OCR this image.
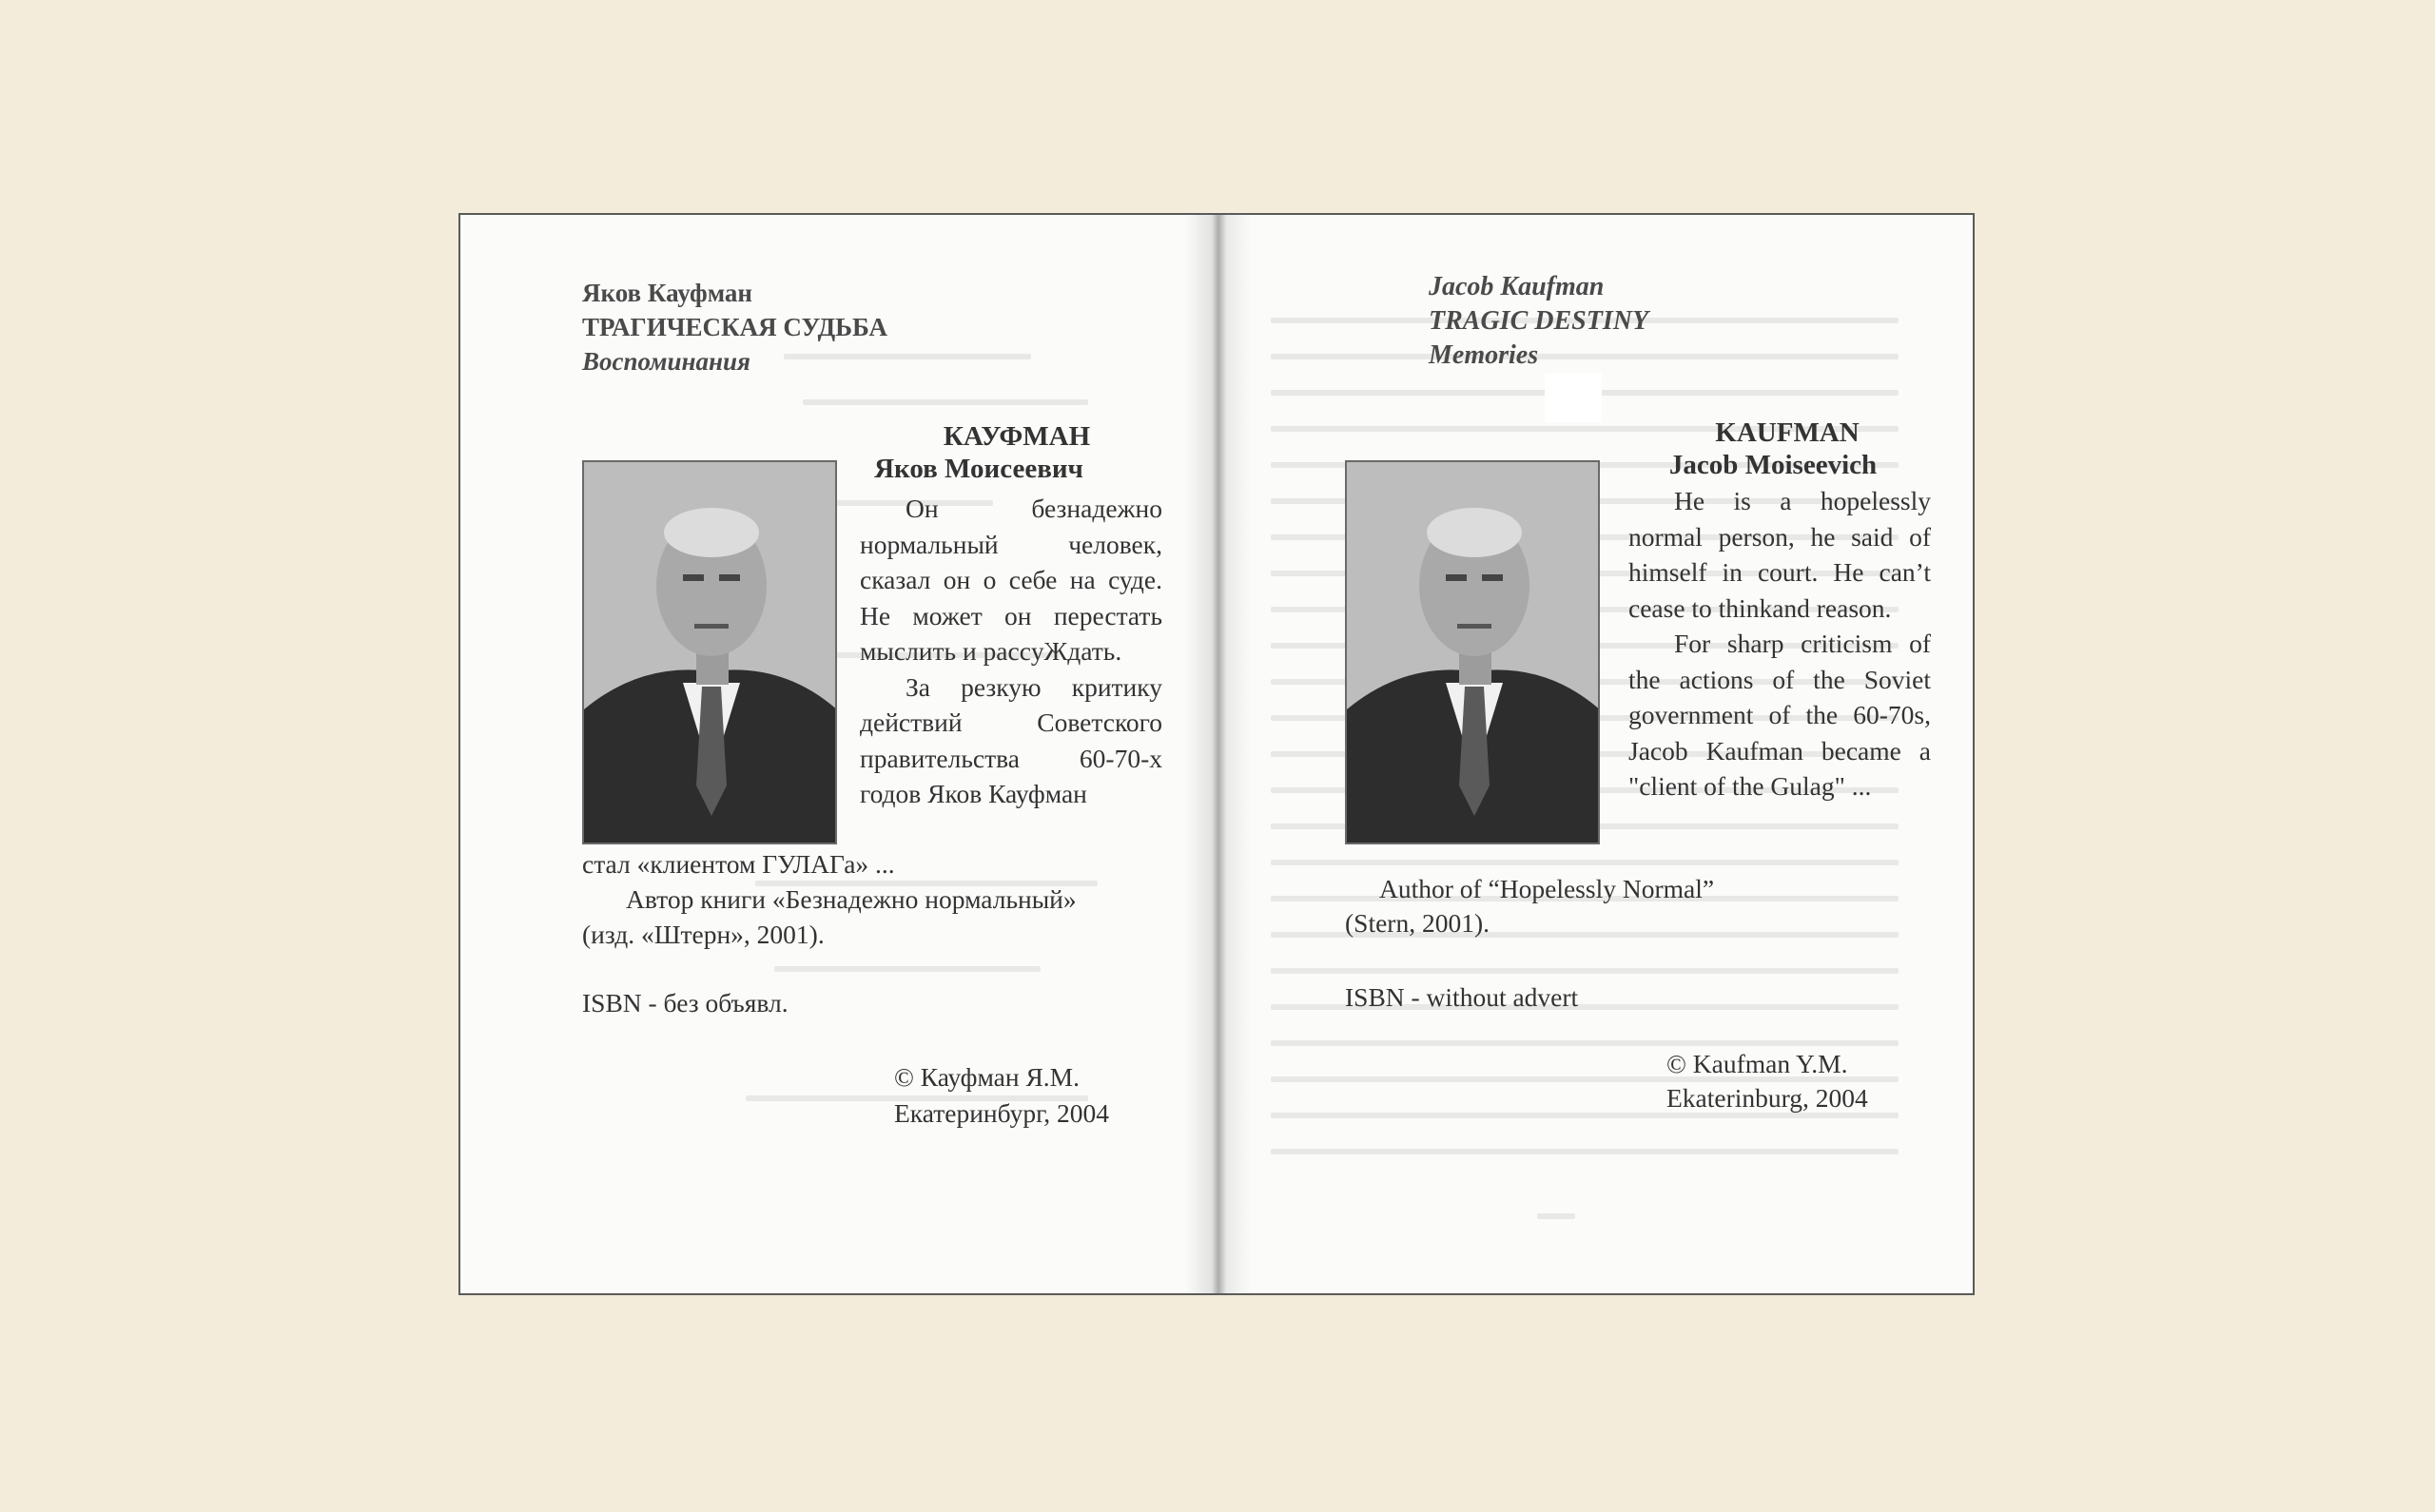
Яков Кауфман
ТРАГИЧЕСКАЯ СУДЬБА
Воспоминания
КАУФМАН
Яков Моисеевич

Он безнадежно нормальный человек, сказал он о себе на суде. Не может он перестать мыслить и расcуЖдать.

За резкую критику действий Советского правительства 60-70-х годов Яков Кауфман

стал «клиентом ГУЛАГа» ...
Автор книги «Безнадежно нормальный»
(изд. «Штерн», 2001).
ISBN - без объявл.
© Кауфман Я.М.
Екатеринбург, 2004
Jacob Kaufman
TRAGIC DESTINY
Memories
KAUFMAN
Jacob Moiseevich

He is a hopelessly normal person, he said of himself in court. He can’t cease to thinkand reason.

For sharp criticism of the actions of the Soviet government of the 60-70s, Jacob Kaufman became a "client of the Gulag" ...

Author of “Hopelessly Normal”
(Stern, 2001).
ISBN - without advert
© Kaufman Y.M.
Ekaterinburg, 2004
